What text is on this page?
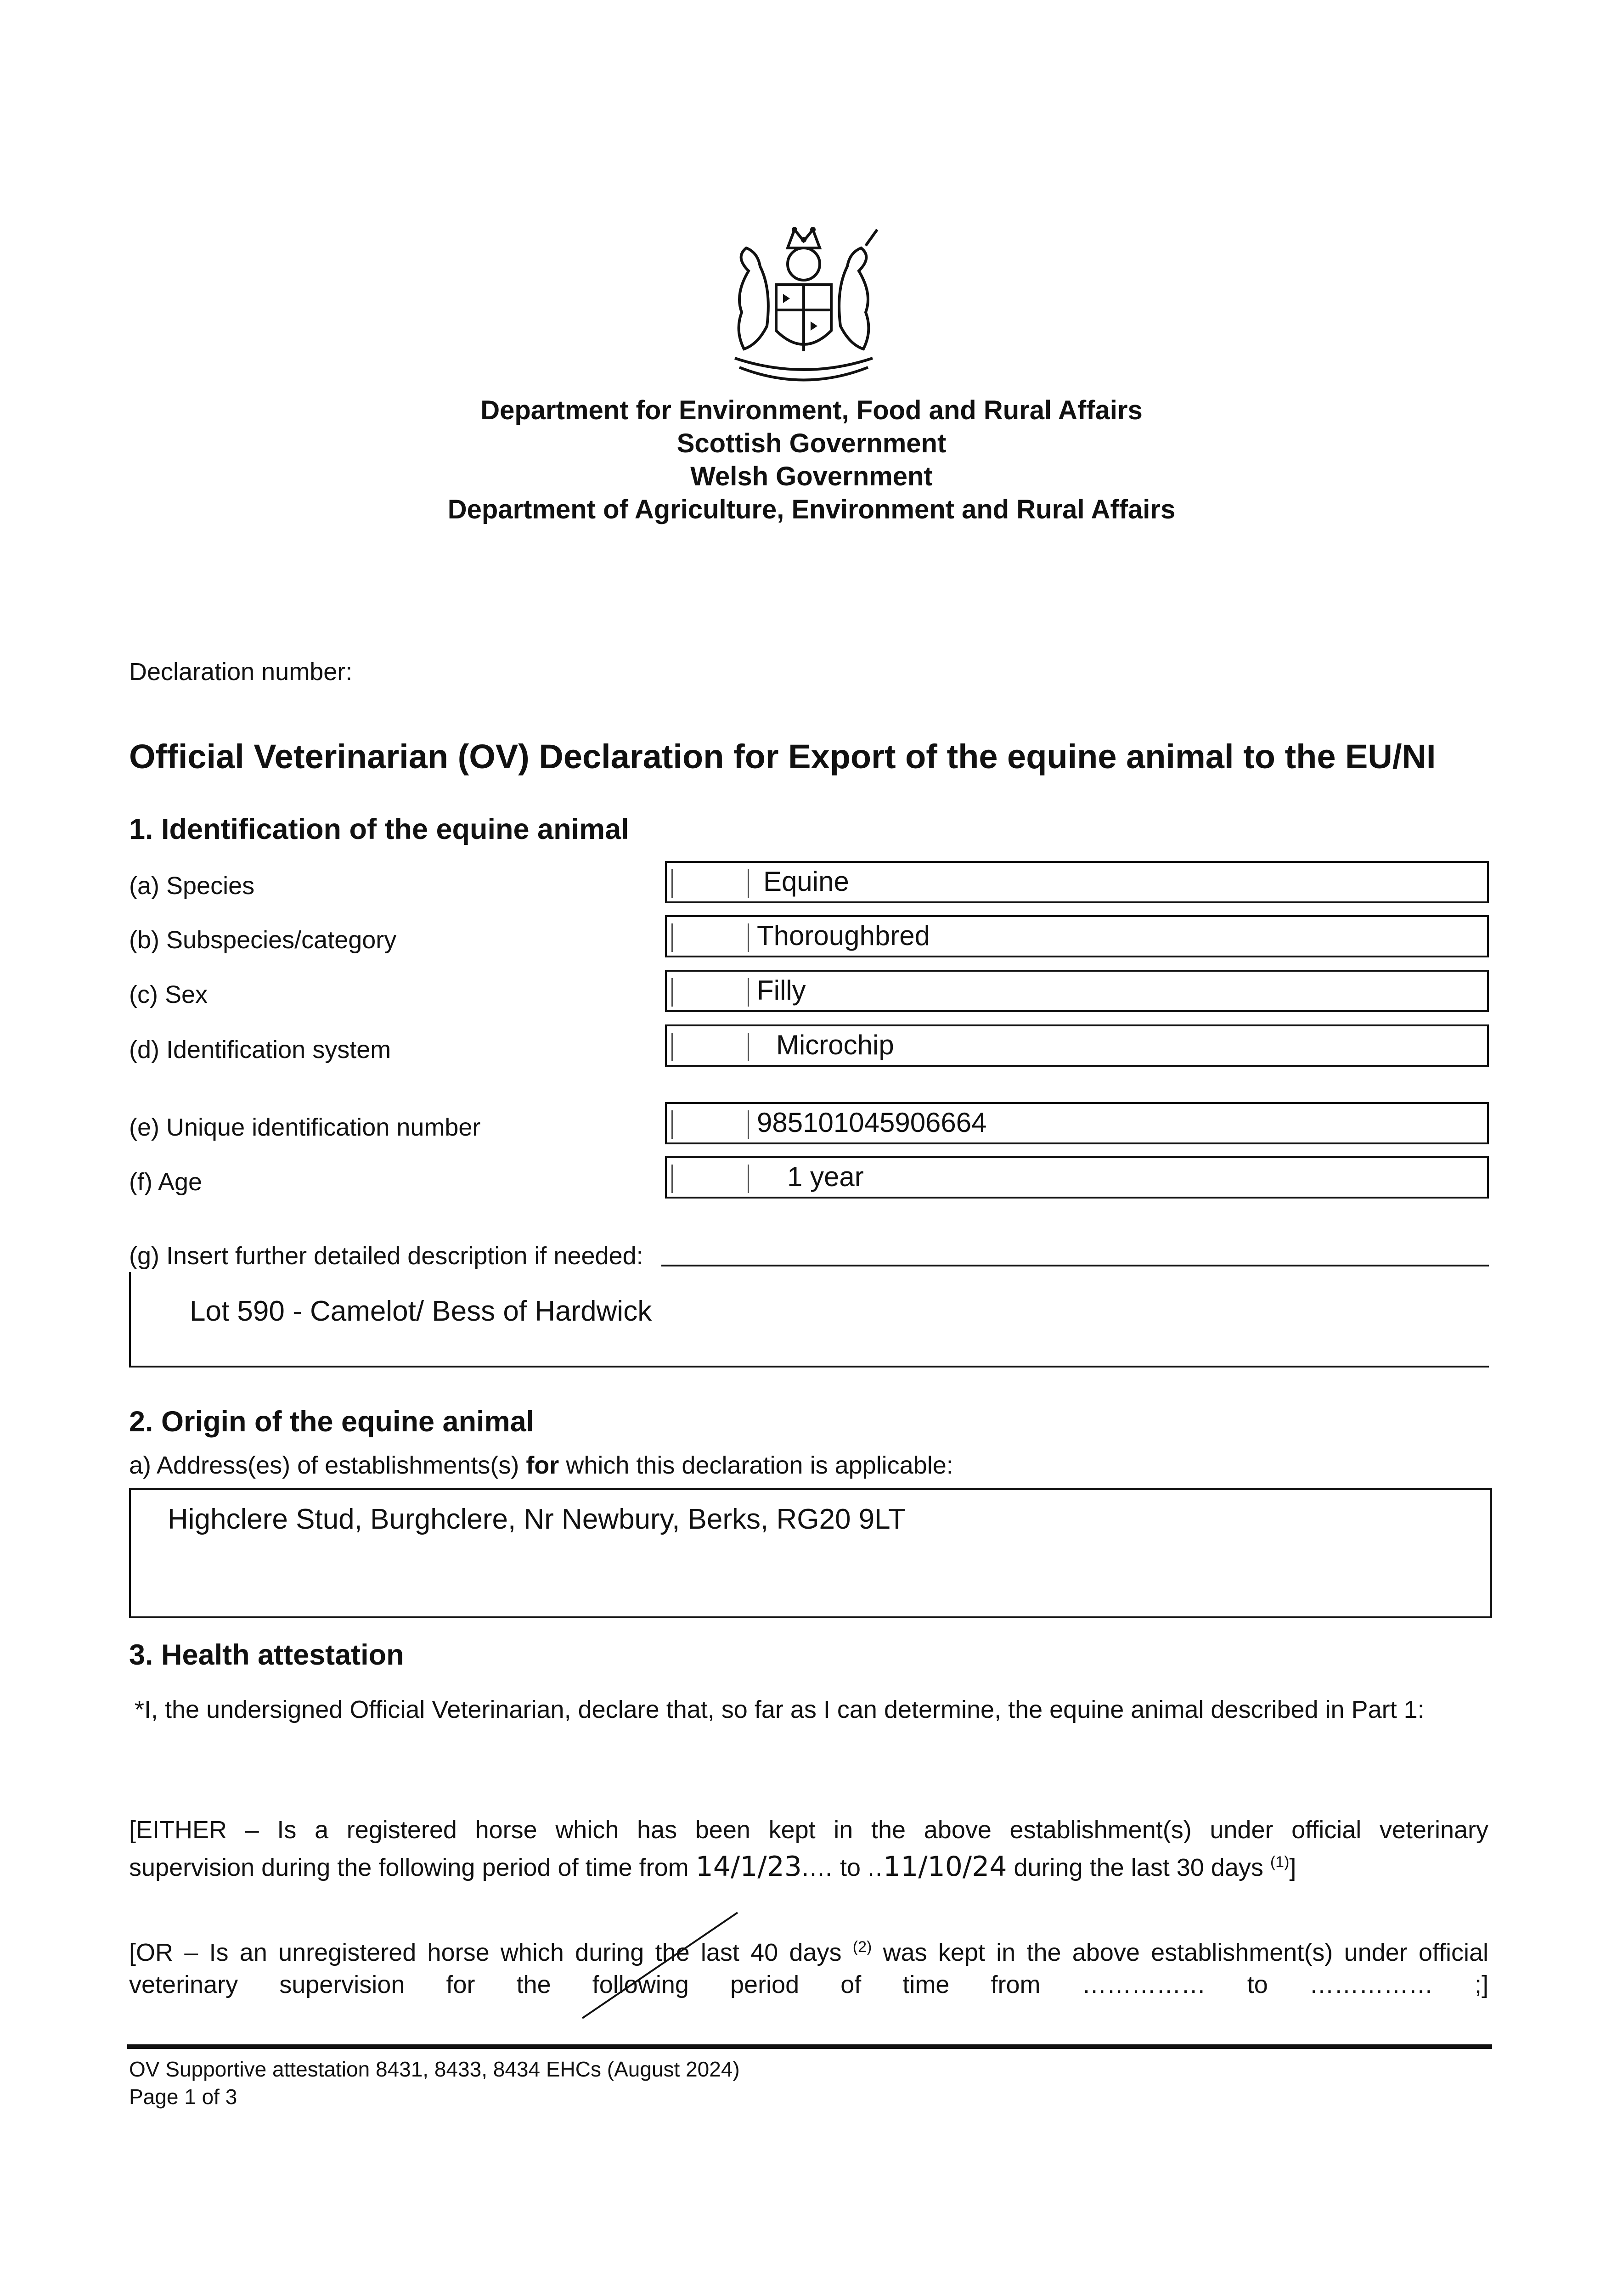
Department for Environment, Food and Rural Affairs
Scottish Government
Welsh Government
Department of Agriculture, Environment and Rural Affairs
Declaration number:
Official Veterinarian (OV) Declaration for Export of the equine animal to the EU/NI
1. Identification of the equine animal
(a) Species	Equine
(b) Subspecies/category	Thoroughbred
(c) Sex	Filly
(d) Identification system	Microchip
(e) Unique identification number	985101045906664
(f) Age	1 year
(g) Insert further detailed description if needed:
Lot 590 - Camelot/ Bess of Hardwick
2. Origin of the equine animal
a) Address(es) of establishments(s) for which this declaration is applicable:
Highclere Stud, Burghclere, Nr Newbury, Berks, RG20 9LT
3. Health attestation
*I, the undersigned Official Veterinarian, declare that, so far as I can determine, the equine animal described in Part 1:
[EITHER – Is a registered horse which has been kept in the above establishment(s) under official veterinary
supervision during the following period of time from 14/1/23.... to ..11/10/24 during the last 30 days $^{(1)}$]
[OR – Is an unregistered horse which during the last 40 days $^{(2)}$ was kept in the above establishment(s) under official
veterinary supervision for the following period of time from …………… to …………… ;]
OV Supportive attestation 8431, 8433, 8434 EHCs (August 2024)
Page 1 of 3
